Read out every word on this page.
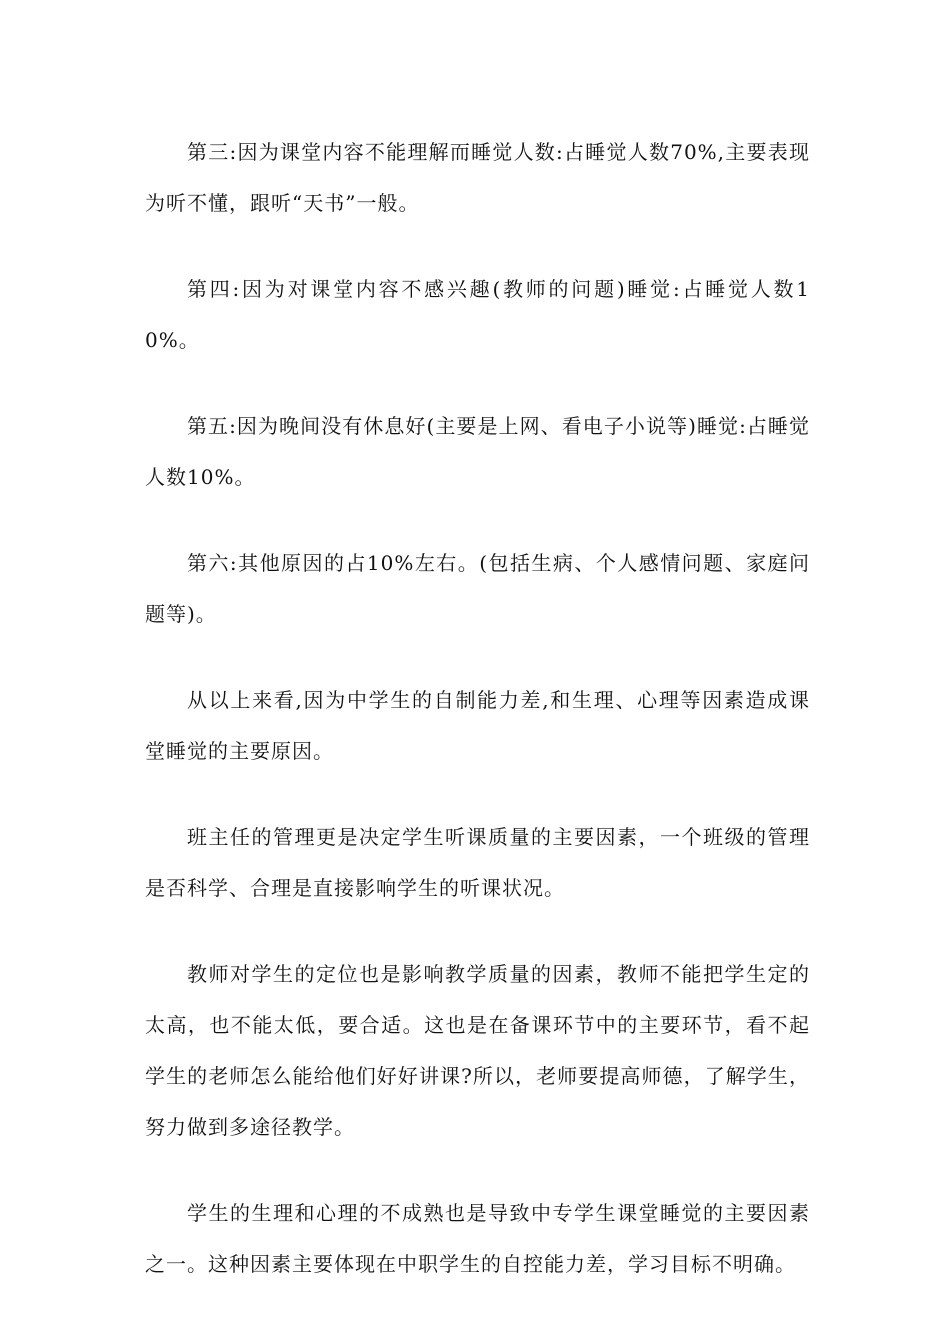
第三:因为课堂内容不能理解而睡觉人数:占睡觉人数70%,主要表现为听不懂，跟听“天书”一般。

第四:因为对课堂内容不感兴趣(教师的问题)睡觉:占睡觉人数10%。

第五:因为晚间没有休息好(主要是上网、看电子小说等)睡觉:占睡觉人数10%。

第六:其他原因的占10%左右。(包括生病、个人感情问题、家庭问题等)。

从以上来看,因为中学生的自制能力差,和生理、心理等因素造成课堂睡觉的主要原因。

班主任的管理更是决定学生听课质量的主要因素，一个班级的管理是否科学、合理是直接影响学生的听课状况。

教师对学生的定位也是影响教学质量的因素，教师不能把学生定的太高，也不能太低，要合适。这也是在备课环节中的主要环节，看不起学生的老师怎么能给他们好好讲课?所以，老师要提高师德，了解学生，努力做到多途径教学。

学生的生理和心理的不成熟也是导致中专学生课堂睡觉的主要因素之一。这种因素主要体现在中职学生的自控能力差，学习目标不明确。
